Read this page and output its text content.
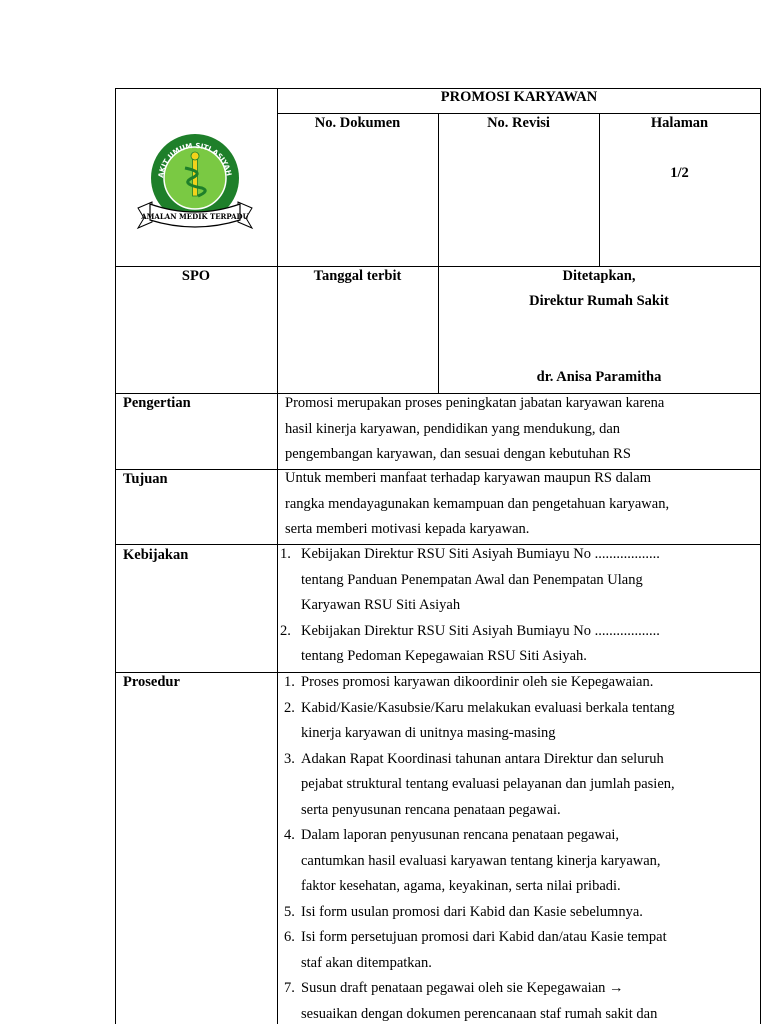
AKIT UMUM SITI ASIYAH
AMALAN MEDIK TERPADU
PROMOSI KARYAWAN
No. Dokumen	No. Revisi	Halaman
1/2
SPO	Tanggal terbit	Ditetapkan,
Direktur Rumah Sakit
dr. Anisa Paramitha
Pengertian	Promosi merupakan proses peningkatan jabatan karyawan karena
hasil kinerja karyawan, pendidikan yang mendukung, dan
pengembangan karyawan, dan sesuai dengan kebutuhan RS
Tujuan	Untuk memberi manfaat terhadap karyawan maupun RS dalam
rangka mendayagunakan kemampuan dan pengetahuan karyawan,
serta memberi motivasi kepada karyawan.
Kebijakan	1. Kebijakan Direktur RSU Siti Asiyah Bumiayu No ..................
tentang Panduan Penempatan Awal dan Penempatan Ulang
Karyawan RSU Siti Asiyah
2. Kebijakan Direktur RSU Siti Asiyah Bumiayu No ..................
tentang Pedoman Kepegawaian RSU Siti Asiyah.
Prosedur	1. Proses promosi karyawan dikoordinir oleh sie Kepegawaian.
2. Kabid/Kasie/Kasubsie/Karu melakukan evaluasi berkala tentang
kinerja karyawan di unitnya masing-masing
3. Adakan Rapat Koordinasi tahunan antara Direktur dan seluruh
pejabat struktural tentang evaluasi pelayanan dan jumlah pasien,
serta penyusunan rencana penataan pegawai.
4. Dalam laporan penyusunan rencana penataan pegawai,
cantumkan hasil evaluasi karyawan tentang kinerja karyawan,
faktor kesehatan, agama, keyakinan, serta nilai pribadi.
5. Isi form usulan promosi dari Kabid dan Kasie sebelumnya.
6. Isi form persetujuan promosi dari Kabid dan/atau Kasie tempat
staf akan ditempatkan.
7. Susun draft penataan pegawai oleh sie Kepegawaian →
sesuaikan dengan dokumen perencanaan staf rumah sakit dan
